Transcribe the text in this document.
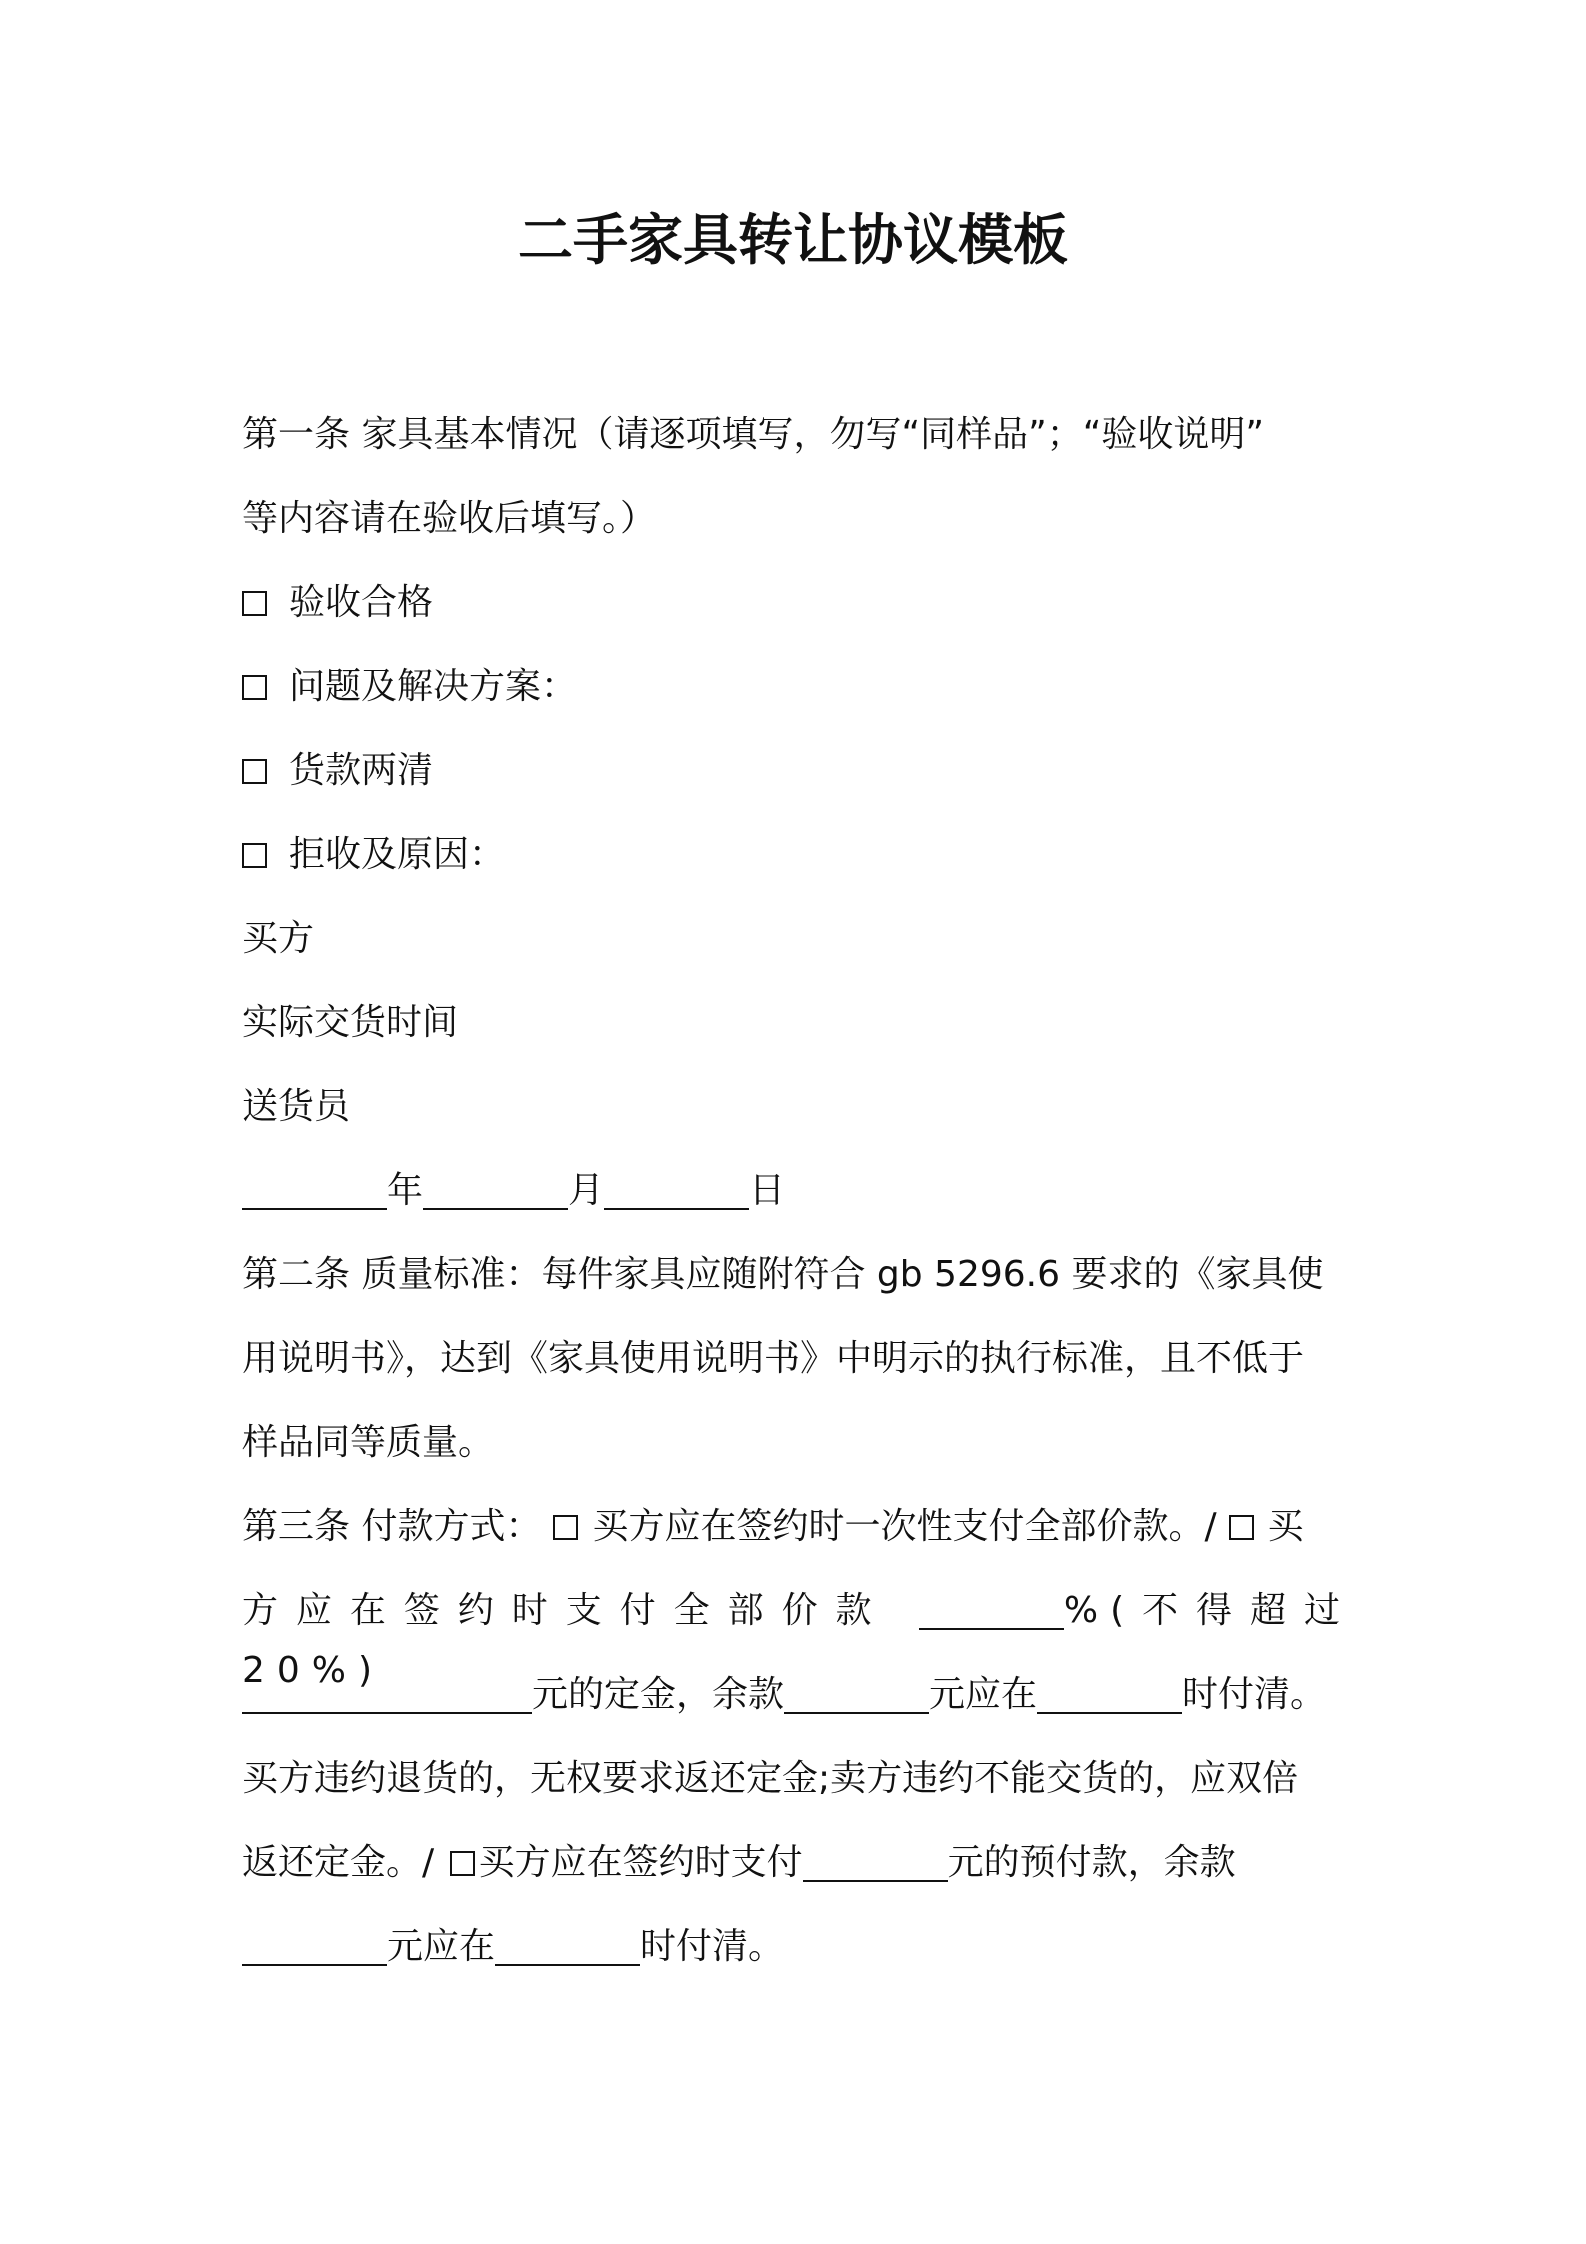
二手家具转让协议模板
第一条 家具基本情况（请逐项填写，勿写“同样品”；“验收说明”
等内容请在验收后填写。）
验收合格
问题及解决方案：
货款两清
拒收及原因：
买方
实际交货时间
送货员
年	月	日
第二条 质量标准：每件家具应随附符合 gb 5296.6 要求的《家具使
用说明书》，达到《家具使用说明书》中明示的执行标准，且不低于
样品同等质量。
第三条 付款方式： 买方应在签约时一次性支付全部价款。/ 买
方应在签约时支付全部价款	%(不得超过 20%)
元的定金，余款	元应在	时付清。
买方违约退货的，无权要求返还定金;卖方违约不能交货的，应双倍
返还定金。/ 买方应在签约时支付	元的预付款，余款
元应在	时付清。
